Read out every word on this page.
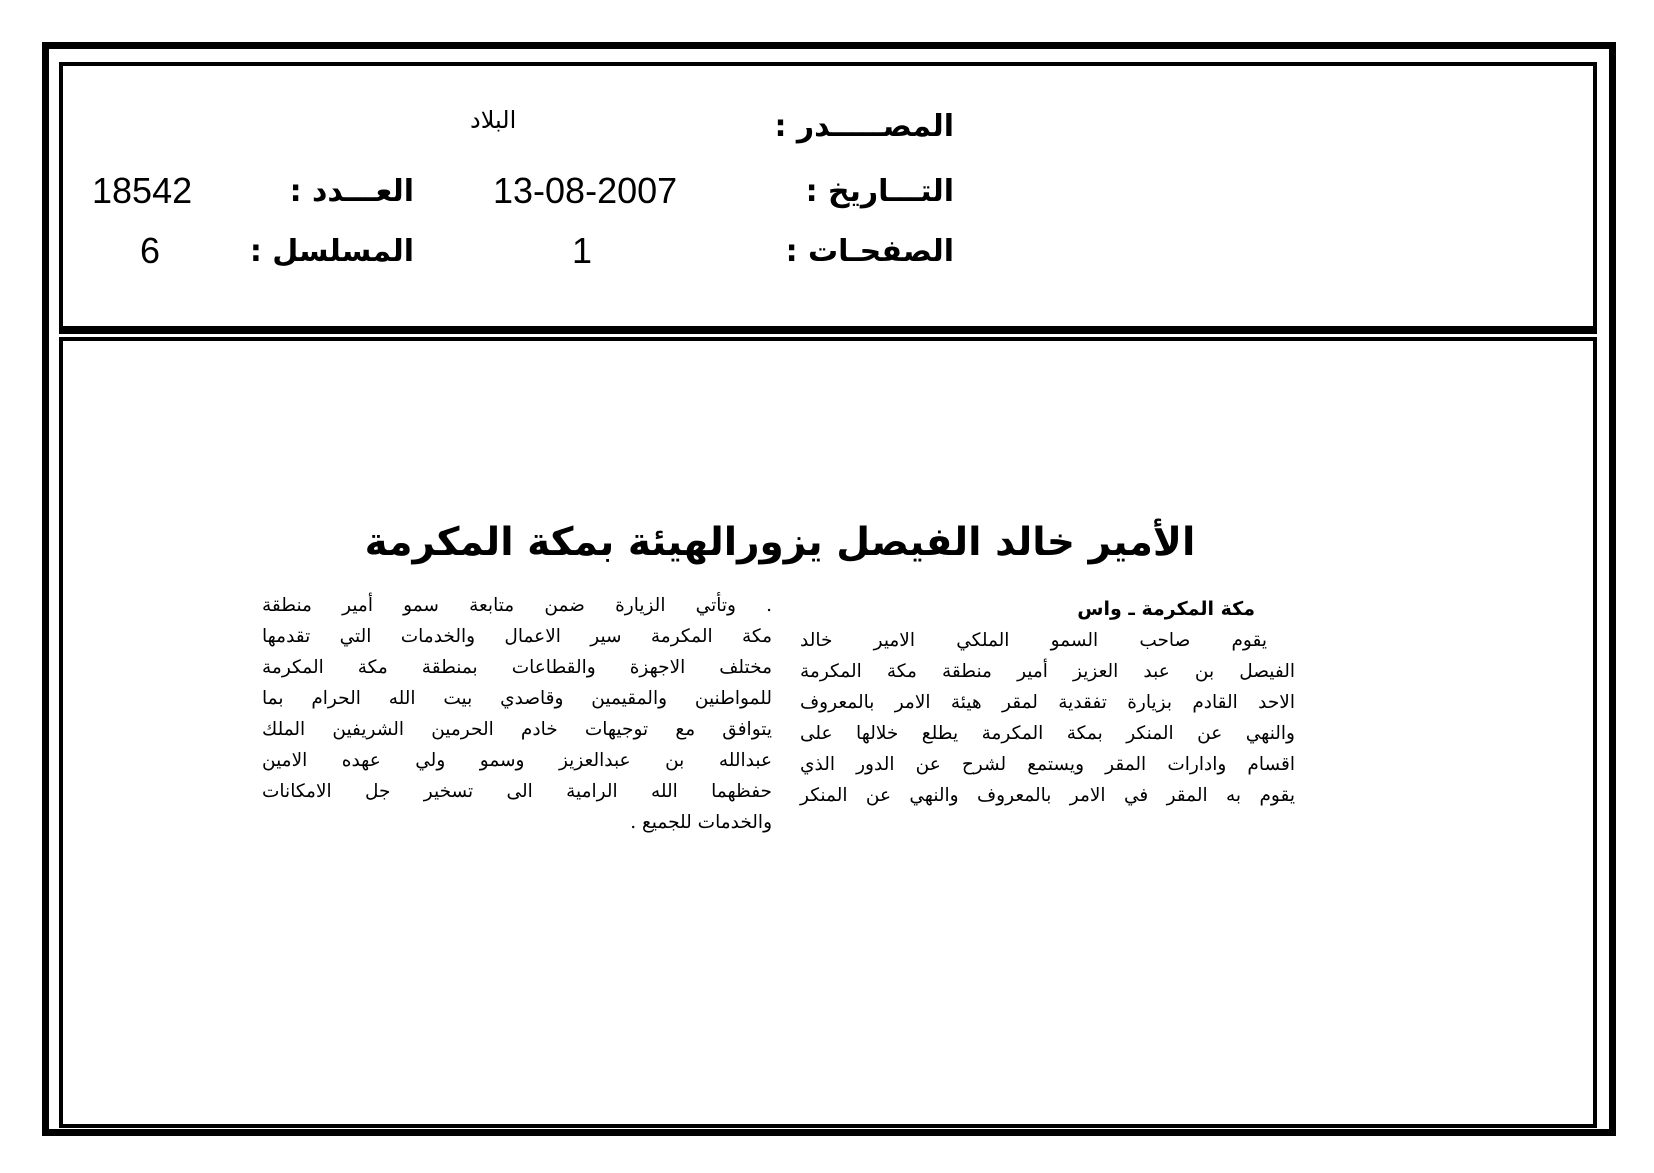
المصـــــدر :
البلاد
التـــاريخ :
13-08-2007
العـــدد :
18542
الصفحـات :
1
المسلسل :
6
الأمير خالد الفيصل يزورالهيئة بمكة المكرمة
مكة المكرمة ـ واس
يقوم صاحب السمو الملكي الامير خالد
الفيصل بن عبد العزيز أمير منطقة مكة المكرمة
الاحد القادم بزيارة تفقدية لمقر هيئة الامر بالمعروف
والنهي عن المنكر بمكة المكرمة يطلع خلالها على
اقسام وادارات المقر ويستمع لشرح عن الدور الذي
يقوم به المقر في الامر بالمعروف والنهي عن المنكر
. وتأتي الزيارة ضمن متابعة سمو أمير منطقة
مكة المكرمة سير الاعمال والخدمات التي تقدمها
مختلف الاجهزة والقطاعات بمنطقة مكة المكرمة
للمواطنين والمقيمين وقاصدي بيت الله الحرام بما
يتوافق مع توجيهات خادم الحرمين الشريفين الملك
عبدالله بن عبدالعزيز وسمو ولي عهده الامين
حفظهما الله الرامية الى تسخير جل الامكانات
والخدمات للجميع .
